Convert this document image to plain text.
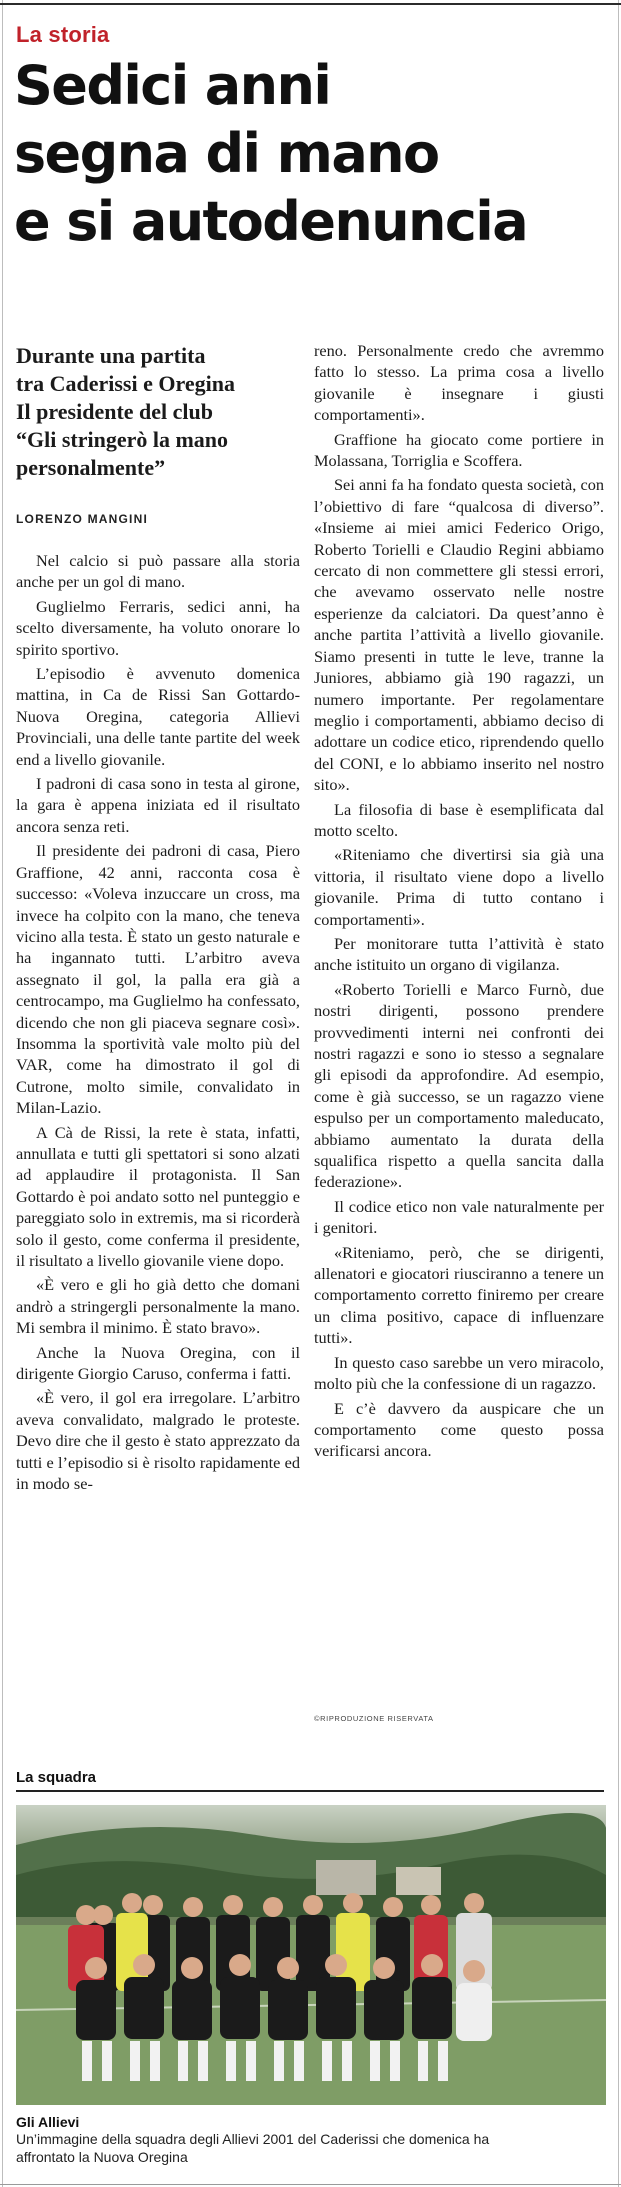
La storia
Sedici anni
segna di mano
e si autodenuncia
Durante una partita
tra Caderissi e Oregina
Il presidente del club
“Gli stringerò la mano
personalmente”
LORENZO MANGINI

Nel calcio si può passare alla storia anche per un gol di mano.

Guglielmo Ferraris, sedici anni, ha scelto diversamente, ha voluto onorare lo spirito sportivo.

L’episodio è avvenuto domenica mattina, in Ca de Rissi San Gottardo-Nuova Oregina, categoria Allievi Provinciali, una delle tante partite del week end a livello giovanile.

I padroni di casa sono in testa al girone, la gara è appena iniziata ed il risultato ancora senza reti.

Il presidente dei padroni di casa, Piero Graffione, 42 anni, racconta cosa è successo: «Voleva inzuccare un cross, ma invece ha colpito con la mano, che teneva vicino alla testa. È stato un gesto naturale e ha ingannato tutti. L’arbitro aveva assegnato il gol, la palla era già a centrocampo, ma Guglielmo ha confessato, dicendo che non gli piaceva segnare così». Insomma la sportività vale molto più del VAR, come ha dimostrato il gol di Cutrone, molto simile, convalidato in Milan-Lazio.

A Cà de Rissi, la rete è stata, infatti, annullata e tutti gli spettatori si sono alzati ad applaudire il protagonista. Il San Gottardo è poi andato sotto nel punteggio e pareggiato solo in extremis, ma si ricorderà solo il gesto, come conferma il presidente, il risultato a livello giovanile viene dopo.

«È vero e gli ho già detto che domani andrò a stringergli personalmente la mano. Mi sembra il minimo. È stato bravo».

Anche la Nuova Oregina, con il dirigente Giorgio Caruso, conferma i fatti.

«È vero, il gol era irregolare. L’arbitro aveva convalidato, malgrado le proteste. Devo dire che il gesto è stato apprezzato da tutti e l’episodio si è risolto rapidamente ed in modo se-

reno. Personalmente credo che avremmo fatto lo stesso. La prima cosa a livello giovanile è insegnare i giusti comportamenti».

Graffione ha giocato come portiere in Molassana, Torriglia e Scoffera.

Sei anni fa ha fondato questa società, con l’obiettivo di fare “qualcosa di diverso”. «Insieme ai miei amici Federico Origo, Roberto Torielli e Claudio Regini abbiamo cercato di non commettere gli stessi errori, che avevamo osservato nelle nostre esperienze da calciatori. Da quest’anno è anche partita l’attività a livello giovanile. Siamo presenti in tutte le leve, tranne la Juniores, abbiamo già 190 ragazzi, un numero importante. Per regolamentare meglio i comportamenti, abbiamo deciso di adottare un codice etico, riprendendo quello del CONI, e lo abbiamo inserito nel nostro sito».

La filosofia di base è esemplificata dal motto scelto.

«Riteniamo che divertirsi sia già una vittoria, il risultato viene dopo a livello giovanile. Prima di tutto contano i comportamenti».

Per monitorare tutta l’attività è stato anche istituito un organo di vigilanza.

«Roberto Torielli e Marco Furnò, due nostri dirigenti, possono prendere provvedimenti interni nei confronti dei nostri ragazzi e sono io stesso a segnalare gli episodi da approfondire. Ad esempio, come è già successo, se un ragazzo viene espulso per un comportamento maleducato, abbiamo aumentato la durata della squalifica rispetto a quella sancita dalla federazione».

Il codice etico non vale naturalmente per i genitori.

«Riteniamo, però, che se dirigenti, allenatori e giocatori riusciranno a tenere un comportamento corretto finiremo per creare un clima positivo, capace di influenzare tutti».

In questo caso sarebbe un vero miracolo, molto più che la confessione di un ragazzo.

E c’è davvero da auspicare che un comportamento come questo possa verificarsi ancora.

©RIPRODUZIONE RISERVATA
La squadra
Gli Allievi
Un’immagine della squadra degli Allievi 2001 del Caderissi che domenica ha affrontato la Nuova Oregina
